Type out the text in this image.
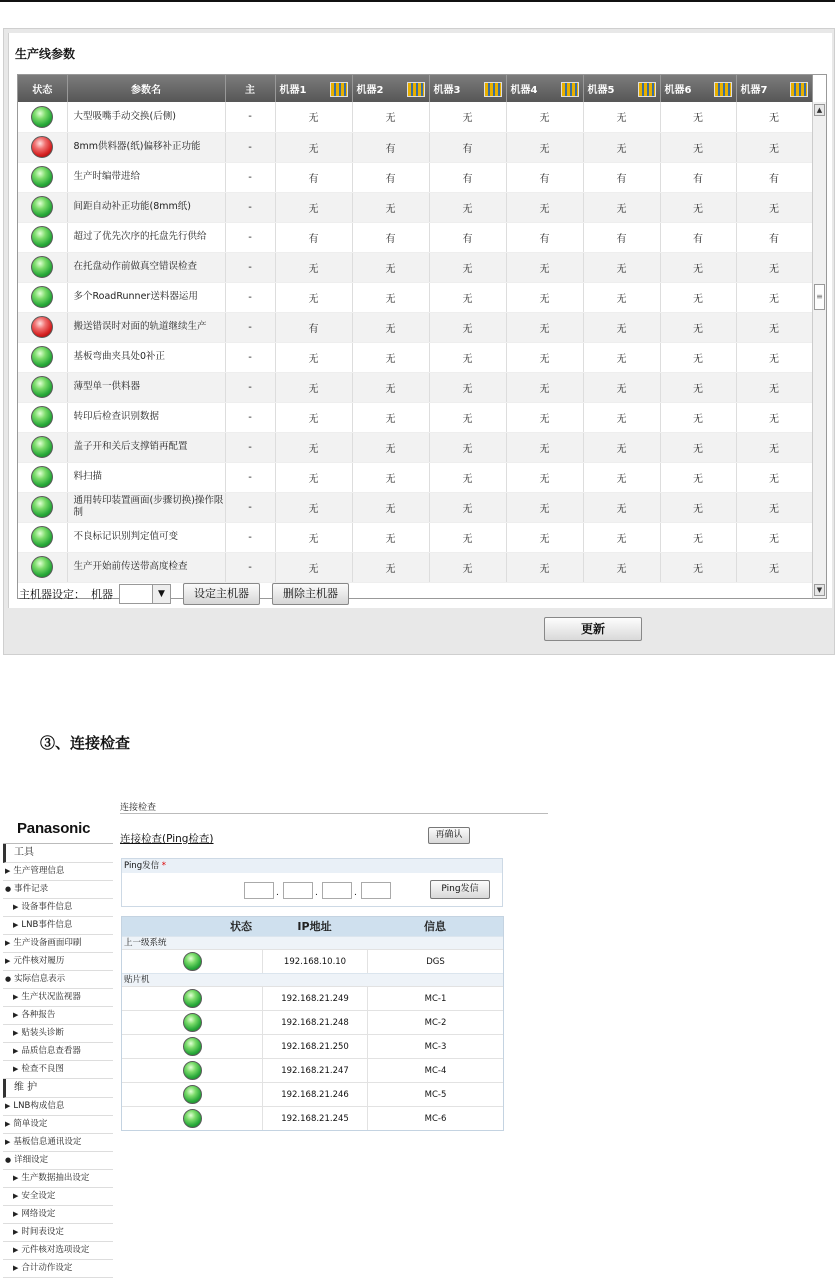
生产线参数
状态	参数名	主	机器1	机器2	机器3	机器4	机器5	机器6	机器7

	大型吸嘴手动交换(后侧)	-	无	无	无	无	无	无	无
	8mm供料器(纸)偏移补正功能	-	无	有	有	无	无	无	无
	生产时编带进给	-	有	有	有	有	有	有	有
	间距自动补正功能(8mm纸)	-	无	无	无	无	无	无	无
	超过了优先次序的托盘先行供给	-	有	有	有	有	有	有	有
	在托盘动作前做真空错误检查	-	无	无	无	无	无	无	无
	多个RoadRunner送料器运用	-	无	无	无	无	无	无	无
	搬送错误时对面的轨道继续生产	-	有	无	无	无	无	无	无
	基板弯曲夹具处0补正	-	无	无	无	无	无	无	无
	薄型单一供料器	-	无	无	无	无	无	无	无
	转印后检查识别数据	-	无	无	无	无	无	无	无
	盖子开和关后支撑销再配置	-	无	无	无	无	无	无	无
	料扫描	-	无	无	无	无	无	无	无
	通用转印装置画面(步骤切换)操作限制	-	无	无	无	无	无	无	无
	不良标记识别判定值可变	-	无	无	无	无	无	无	无
	生产开始前传送带高度检查	-	无	无	无	无	无	无	无
▲
≡
▼
主机器设定： 机器	▼	设定主机器	删除主机器
更新
③、连接检查
连接检查
Panasonic
工具
▶ 生产管理信息
● 事件记录
▶ 设备事件信息
▶ LNB事件信息
▶ 生产设备画面印刷
▶ 元件核对履历
● 实际信息表示
▶ 生产状况监视器
▶ 各种报告
▶ 贴装头诊断
▶ 品质信息查看器
▶ 检查不良图
维 护
▶ LNB构成信息
▶ 简单设定
▶ 基板信息通讯设定
● 详细设定
▶ 生产数据抽出设定
▶ 安全设定
▶ 网络设定
▶ 时间表设定
▶ 元件核对选项设定
▶ 合计动作设定
连接检查(Ping检查)	再确认
Ping发信 *
.	.	.	Ping发信
状态	IP地址	信息
上一级系统
192.168.10.10	DGS
贴片机
192.168.21.249	MC-1
192.168.21.248	MC-2
192.168.21.250	MC-3
192.168.21.247	MC-4
192.168.21.246	MC-5
192.168.21.245	MC-6
